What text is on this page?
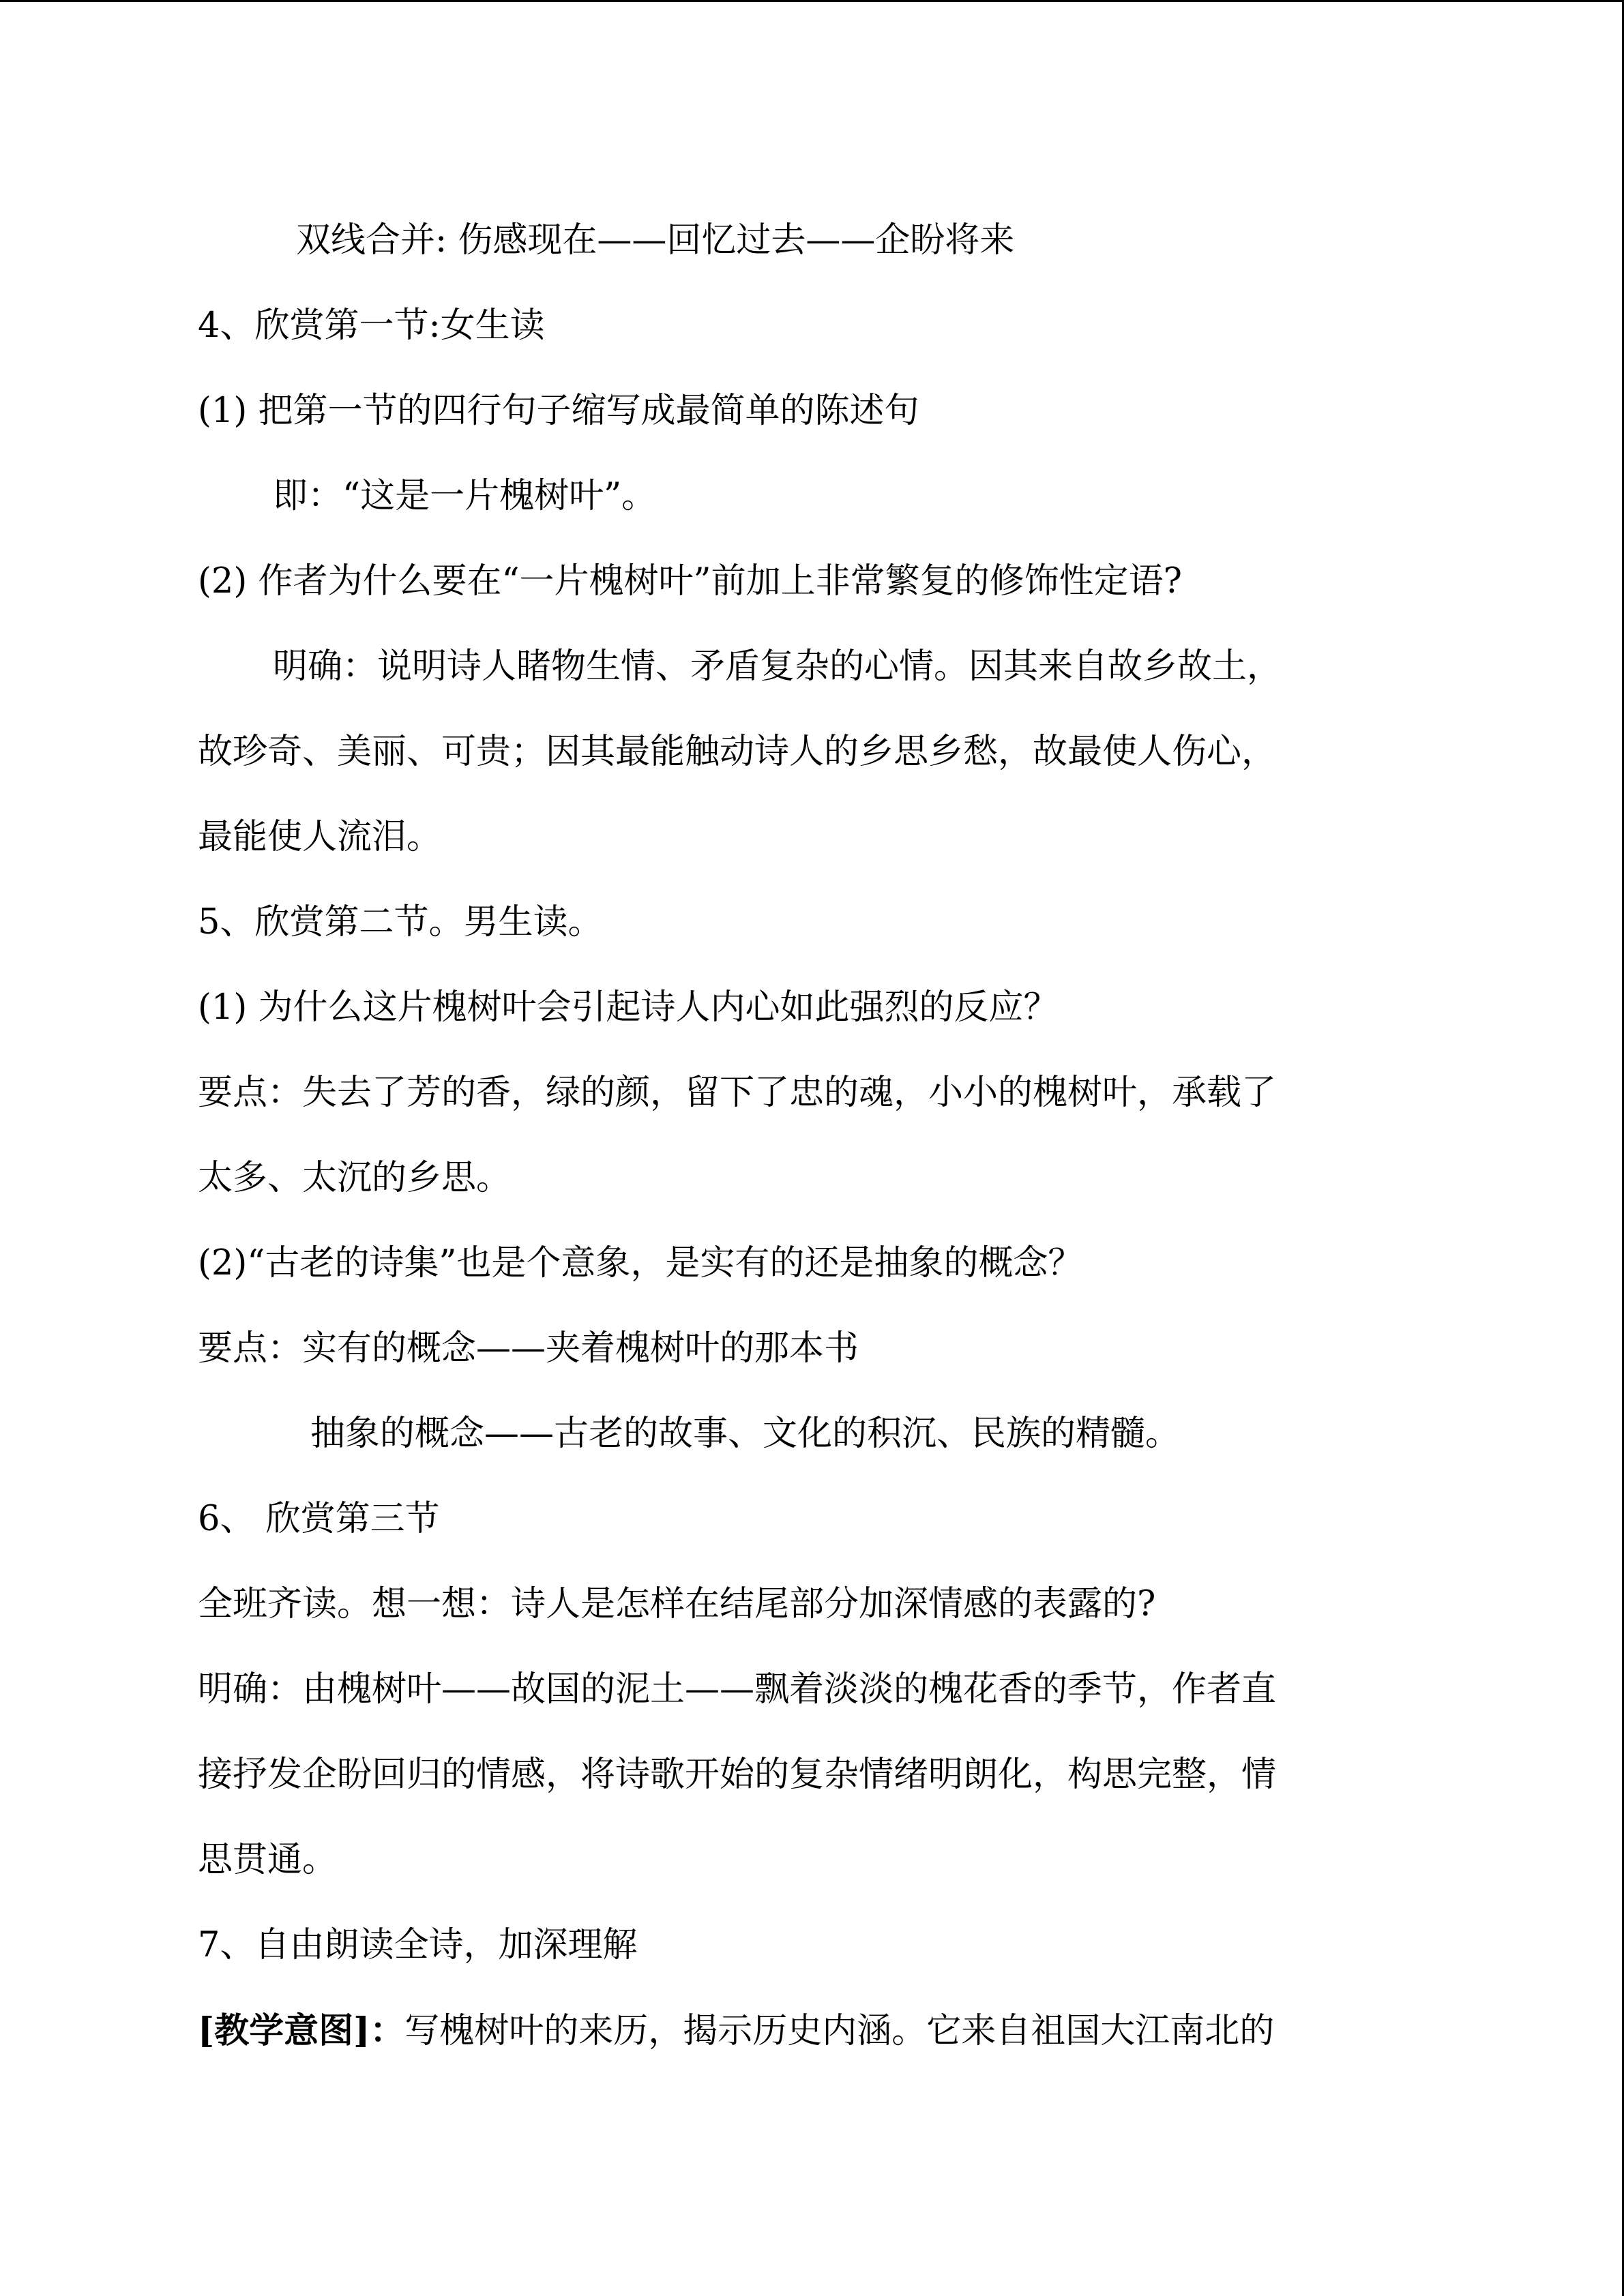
双线合并: 伤感现在——回忆过去——企盼将来
4、欣赏第一节:女生读
(1) 把第一节的四行句子缩写成最简单的陈述句
即：“这是一片槐树叶”。
(2) 作者为什么要在“一片槐树叶”前加上非常繁复的修饰性定语?
明确：说明诗人睹物生情、矛盾复杂的心情。因其来自故乡故土，
故珍奇、美丽、可贵；因其最能触动诗人的乡思乡愁，故最使人伤心，
最能使人流泪。
5、欣赏第二节。男生读。
(1) 为什么这片槐树叶会引起诗人内心如此强烈的反应？
要点：失去了芳的香，绿的颜，留下了忠的魂，小小的槐树叶，承载了
太多、太沉的乡思。
(2)“古老的诗集”也是个意象，是实有的还是抽象的概念？
要点：实有的概念——夹着槐树叶的那本书
抽象的概念——古老的故事、文化的积沉、民族的精髓。
6、 欣赏第三节
全班齐读。想一想：诗人是怎样在结尾部分加深情感的表露的?
明确：由槐树叶——故国的泥土——飘着淡淡的槐花香的季节，作者直
接抒发企盼回归的情感，将诗歌开始的复杂情绪明朗化，构思完整，情
思贯通。
7、自由朗读全诗，加深理解
[教学意图]：写槐树叶的来历，揭示历史内涵。它来自祖国大江南北的
